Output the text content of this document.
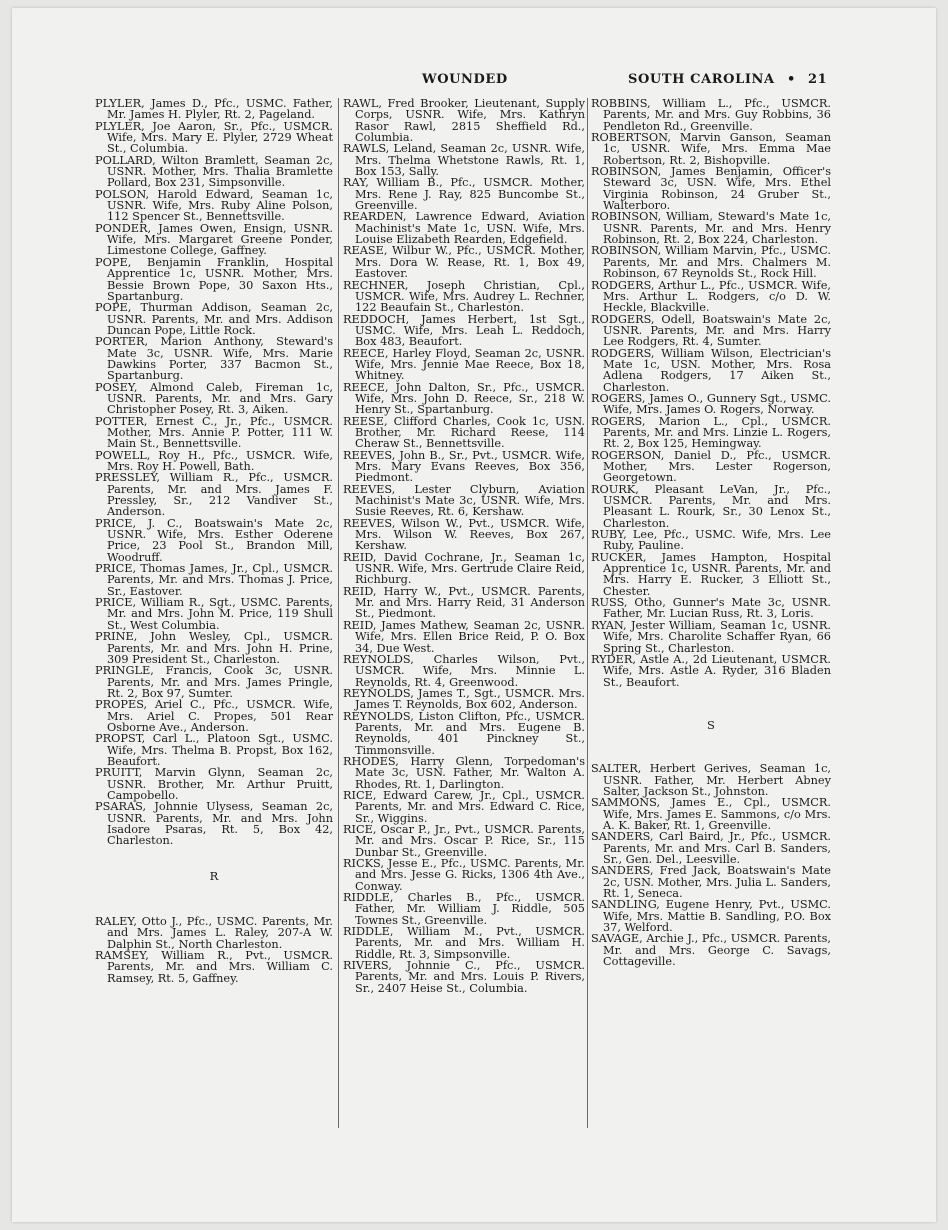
WOUNDED	SOUTH CAROLINA • 21

PLYLER, James D., Pfc., USMC. Father, Mr. James H. Plyler, Rt. 2, Pageland.

PLYLER, Joe Aaron, Sr., Pfc., USMCR. Wife, Mrs. Mary E. Plyler, 2729 Wheat St., Columbia.

POLLARD, Wilton Bramlett, Seaman 2c, USNR. Mother, Mrs. Thalia Bramlette Pollard, Box 231, Simpsonville.

POLSON, Harold Edward, Seaman 1c, USNR. Wife, Mrs. Ruby Aline Polson, 112 Spencer St., Bennettsville.

PONDER, James Owen, Ensign, USNR. Wife, Mrs. Margaret Greene Ponder, Limestone College, Gaffney.

POPE, Benjamin Franklin, Hospital Apprentice 1c, USNR. Mother, Mrs. Bessie Brown Pope, 30 Saxon Hts., Spartanburg.

POPE, Thurman Addison, Seaman 2c, USNR. Parents, Mr. and Mrs. Addison Duncan Pope, Little Rock.

PORTER, Marion Anthony, Steward's Mate 3c, USNR. Wife, Mrs. Marie Dawkins Porter, 337 Bacmon St., Spartanburg.

POSEY, Almond Caleb, Fireman 1c, USNR. Parents, Mr. and Mrs. Gary Christopher Posey, Rt. 3, Aiken.

POTTER, Ernest C., Jr., Pfc., USMCR. Mother, Mrs. Annie P. Potter, 111 W. Main St., Bennettsville.

POWELL, Roy H., Pfc., USMCR. Wife, Mrs. Roy H. Powell, Bath.

PRESSLEY, William R., Pfc., USMCR. Parents, Mr. and Mrs. James F. Pressley, Sr., 212 Vandiver St., Anderson.

PRICE, J. C., Boatswain's Mate 2c, USNR. Wife, Mrs. Esther Oderene Price, 23 Pool St., Brandon Mill, Woodruff.

PRICE, Thomas James, Jr., Cpl., USMCR. Parents, Mr. and Mrs. Thomas J. Price, Sr., Eastover.

PRICE, William R., Sgt., USMC. Parents, Mr. and Mrs. John M. Price, 119 Shull St., West Columbia.

PRINE, John Wesley, Cpl., USMCR. Parents, Mr. and Mrs. John H. Prine, 309 President St., Charleston.

PRINGLE, Francis, Cook 3c, USNR. Parents, Mr. and Mrs. James Pringle, Rt. 2, Box 97, Sumter.

PROPES, Ariel C., Pfc., USMCR. Wife, Mrs. Ariel C. Propes, 501 Rear Osborne Ave., Anderson.

PROPST, Carl L., Platoon Sgt., USMC. Wife, Mrs. Thelma B. Propst, Box 162, Beaufort.

PRUITT, Marvin Glynn, Seaman 2c, USNR. Brother, Mr. Arthur Pruitt, Campobello.

PSARAS, Johnnie Ulysess, Seaman 2c, USNR. Parents, Mr. and Mrs. John Isadore Psaras, Rt. 5, Box 42, Charleston.

R

RALEY, Otto J., Pfc., USMC. Parents, Mr. and Mrs. James L. Raley, 207-A W. Dalphin St., North Charleston.

RAMSEY, William R., Pvt., USMCR. Parents, Mr. and Mrs. William C. Ramsey, Rt. 5, Gaffney.

RAWL, Fred Brooker, Lieutenant, Supply Corps, USNR. Wife, Mrs. Kathryn Rasor Rawl, 2815 Sheffield Rd., Columbia.

RAWLS, Leland, Seaman 2c, USNR. Wife, Mrs. Thelma Whetstone Rawls, Rt. 1, Box 153, Sally.

RAY, William B., Pfc., USMCR. Mother, Mrs. Rene J. Ray, 825 Buncombe St., Greenville.

REARDEN, Lawrence Edward, Aviation Machinist's Mate 1c, USN. Wife, Mrs. Louise Elizabeth Rearden, Edgefield.

REASE, Wilbur W., Pfc., USMCR. Mother, Mrs. Dora W. Rease, Rt. 1, Box 49, Eastover.

RECHNER, Joseph Christian, Cpl., USMCR. Wife, Mrs. Audrey L. Rechner, 122 Beaufain St., Charleston.

REDDOCH, James Herbert, 1st Sgt., USMC. Wife, Mrs. Leah L. Reddoch, Box 483, Beaufort.

REECE, Harley Floyd, Seaman 2c, USNR. Wife, Mrs. Jennie Mae Reece, Box 18, Whitney.

REECE, John Dalton, Sr., Pfc., USMCR. Wife, Mrs. John D. Reece, Sr., 218 W. Henry St., Spartanburg.

REESE, Clifford Charles, Cook 1c, USN. Brother, Mr. Richard Reese, 114 Cheraw St., Bennettsville.

REEVES, John B., Sr., Pvt., USMCR. Wife, Mrs. Mary Evans Reeves, Box 356, Piedmont.

REEVES, Lester Clyburn, Aviation Machinist's Mate 3c, USNR. Wife, Mrs. Susie Reeves, Rt. 6, Kershaw.

REEVES, Wilson W., Pvt., USMCR. Wife, Mrs. Wilson W. Reeves, Box 267, Kershaw.

REID, David Cochrane, Jr., Seaman 1c, USNR. Wife, Mrs. Gertrude Claire Reid, Richburg.

REID, Harry W., Pvt., USMCR. Parents, Mr. and Mrs. Harry Reid, 31 Anderson St., Piedmont.

REID, James Mathew, Seaman 2c, USNR. Wife, Mrs. Ellen Brice Reid, P. O. Box 34, Due West.

REYNOLDS, Charles Wilson, Pvt., USMCR. Wife, Mrs. Minnie L. Reynolds, Rt. 4, Greenwood.

REYNOLDS, James T., Sgt., USMCR. Mrs. James T. Reynolds, Box 602, Anderson.

REYNOLDS, Liston Clifton, Pfc., USMCR. Parents, Mr. and Mrs. Eugene B. Reynolds, 401 Pinckney St., Timmonsville.

RHODES, Harry Glenn, Torpedoman's Mate 3c, USN. Father, Mr. Walton A. Rhodes, Rt. 1, Darlington.

RICE, Edward Carew, Jr., Cpl., USMCR. Parents, Mr. and Mrs. Edward C. Rice, Sr., Wiggins.

RICE, Oscar P., Jr., Pvt., USMCR. Parents, Mr. and Mrs. Oscar P. Rice, Sr., 115 Dunbar St., Greenville.

RICKS, Jesse E., Pfc., USMC. Parents, Mr. and Mrs. Jesse G. Ricks, 1306 4th Ave., Conway.

RIDDLE, Charles B., Pfc., USMCR. Father, Mr. William J. Riddle, 505 Townes St., Greenville.

RIDDLE, William M., Pvt., USMCR. Parents, Mr. and Mrs. William H. Riddle, Rt. 3, Simpsonville.

RIVERS, Johnnie C., Pfc., USMCR. Parents, Mr. and Mrs. Louis P. Rivers, Sr., 2407 Heise St., Columbia.

ROBBINS, William L., Pfc., USMCR. Parents, Mr. and Mrs. Guy Robbins, 36 Pendleton Rd., Greenville.

ROBERTSON, Marvin Ganson, Seaman 1c, USNR. Wife, Mrs. Emma Mae Robertson, Rt. 2, Bishopville.

ROBINSON, James Benjamin, Officer's Steward 3c, USN. Wife, Mrs. Ethel Virginia Robinson, 24 Gruber St., Walterboro.

ROBINSON, William, Steward's Mate 1c, USNR. Parents, Mr. and Mrs. Henry Robinson, Rt. 2, Box 224, Charleston.

ROBINSON, William Marvin, Pfc., USMC. Parents, Mr. and Mrs. Chalmers M. Robinson, 67 Reynolds St., Rock Hill.

RODGERS, Arthur L., Pfc., USMCR. Wife, Mrs. Arthur L. Rodgers, c/o D. W. Heckle, Blackville.

RODGERS, Odell, Boatswain's Mate 2c, USNR. Parents, Mr. and Mrs. Harry Lee Rodgers, Rt. 4, Sumter.

RODGERS, William Wilson, Electrician's Mate 1c, USN. Mother, Mrs. Rosa Adlena Rodgers, 17 Aiken St., Charleston.

ROGERS, James O., Gunnery Sgt., USMC. Wife, Mrs. James O. Rogers, Norway.

ROGERS, Marion L., Cpl., USMCR. Parents, Mr. and Mrs. Linzie L. Rogers, Rt. 2, Box 125, Hemingway.

ROGERSON, Daniel D., Pfc., USMCR. Mother, Mrs. Lester Rogerson, Georgetown.

ROURK, Pleasant LeVan, Jr., Pfc., USMCR. Parents, Mr. and Mrs. Pleasant L. Rourk, Sr., 30 Lenox St., Charleston.

RUBY, Lee, Pfc., USMC. Wife, Mrs. Lee Ruby, Pauline.

RUCKER, James Hampton, Hospital Apprentice 1c, USNR. Parents, Mr. and Mrs. Harry E. Rucker, 3 Elliott St., Chester.

RUSS, Otho, Gunner's Mate 3c, USNR. Father, Mr. Lucian Russ, Rt. 3, Loris.

RYAN, Jester William, Seaman 1c, USNR. Wife, Mrs. Charolite Schaffer Ryan, 66 Spring St., Charleston.

RYDER, Astle A., 2d Lieutenant, USMCR. Wife, Mrs. Astle A. Ryder, 316 Bladen St., Beaufort.

S

SALTER, Herbert Gerives, Seaman 1c, USNR. Father, Mr. Herbert Abney Salter, Jackson St., Johnston.

SAMMONS, James E., Cpl., USMCR. Wife, Mrs. James E. Sammons, c/o Mrs. A. K. Baker, Rt. 1, Greenville.

SANDERS, Carl Baird, Jr., Pfc., USMCR. Parents, Mr. and Mrs. Carl B. Sanders, Sr., Gen. Del., Leesville.

SANDERS, Fred Jack, Boatswain's Mate 2c, USN. Mother, Mrs. Julia L. Sanders, Rt. 1, Seneca.

SANDLING, Eugene Henry, Pvt., USMC. Wife, Mrs. Mattie B. Sandling, P.O. Box 37, Welford.

SAVAGE, Archie J., Pfc., USMCR. Parents, Mr. and Mrs. George C. Savags, Cottageville.
